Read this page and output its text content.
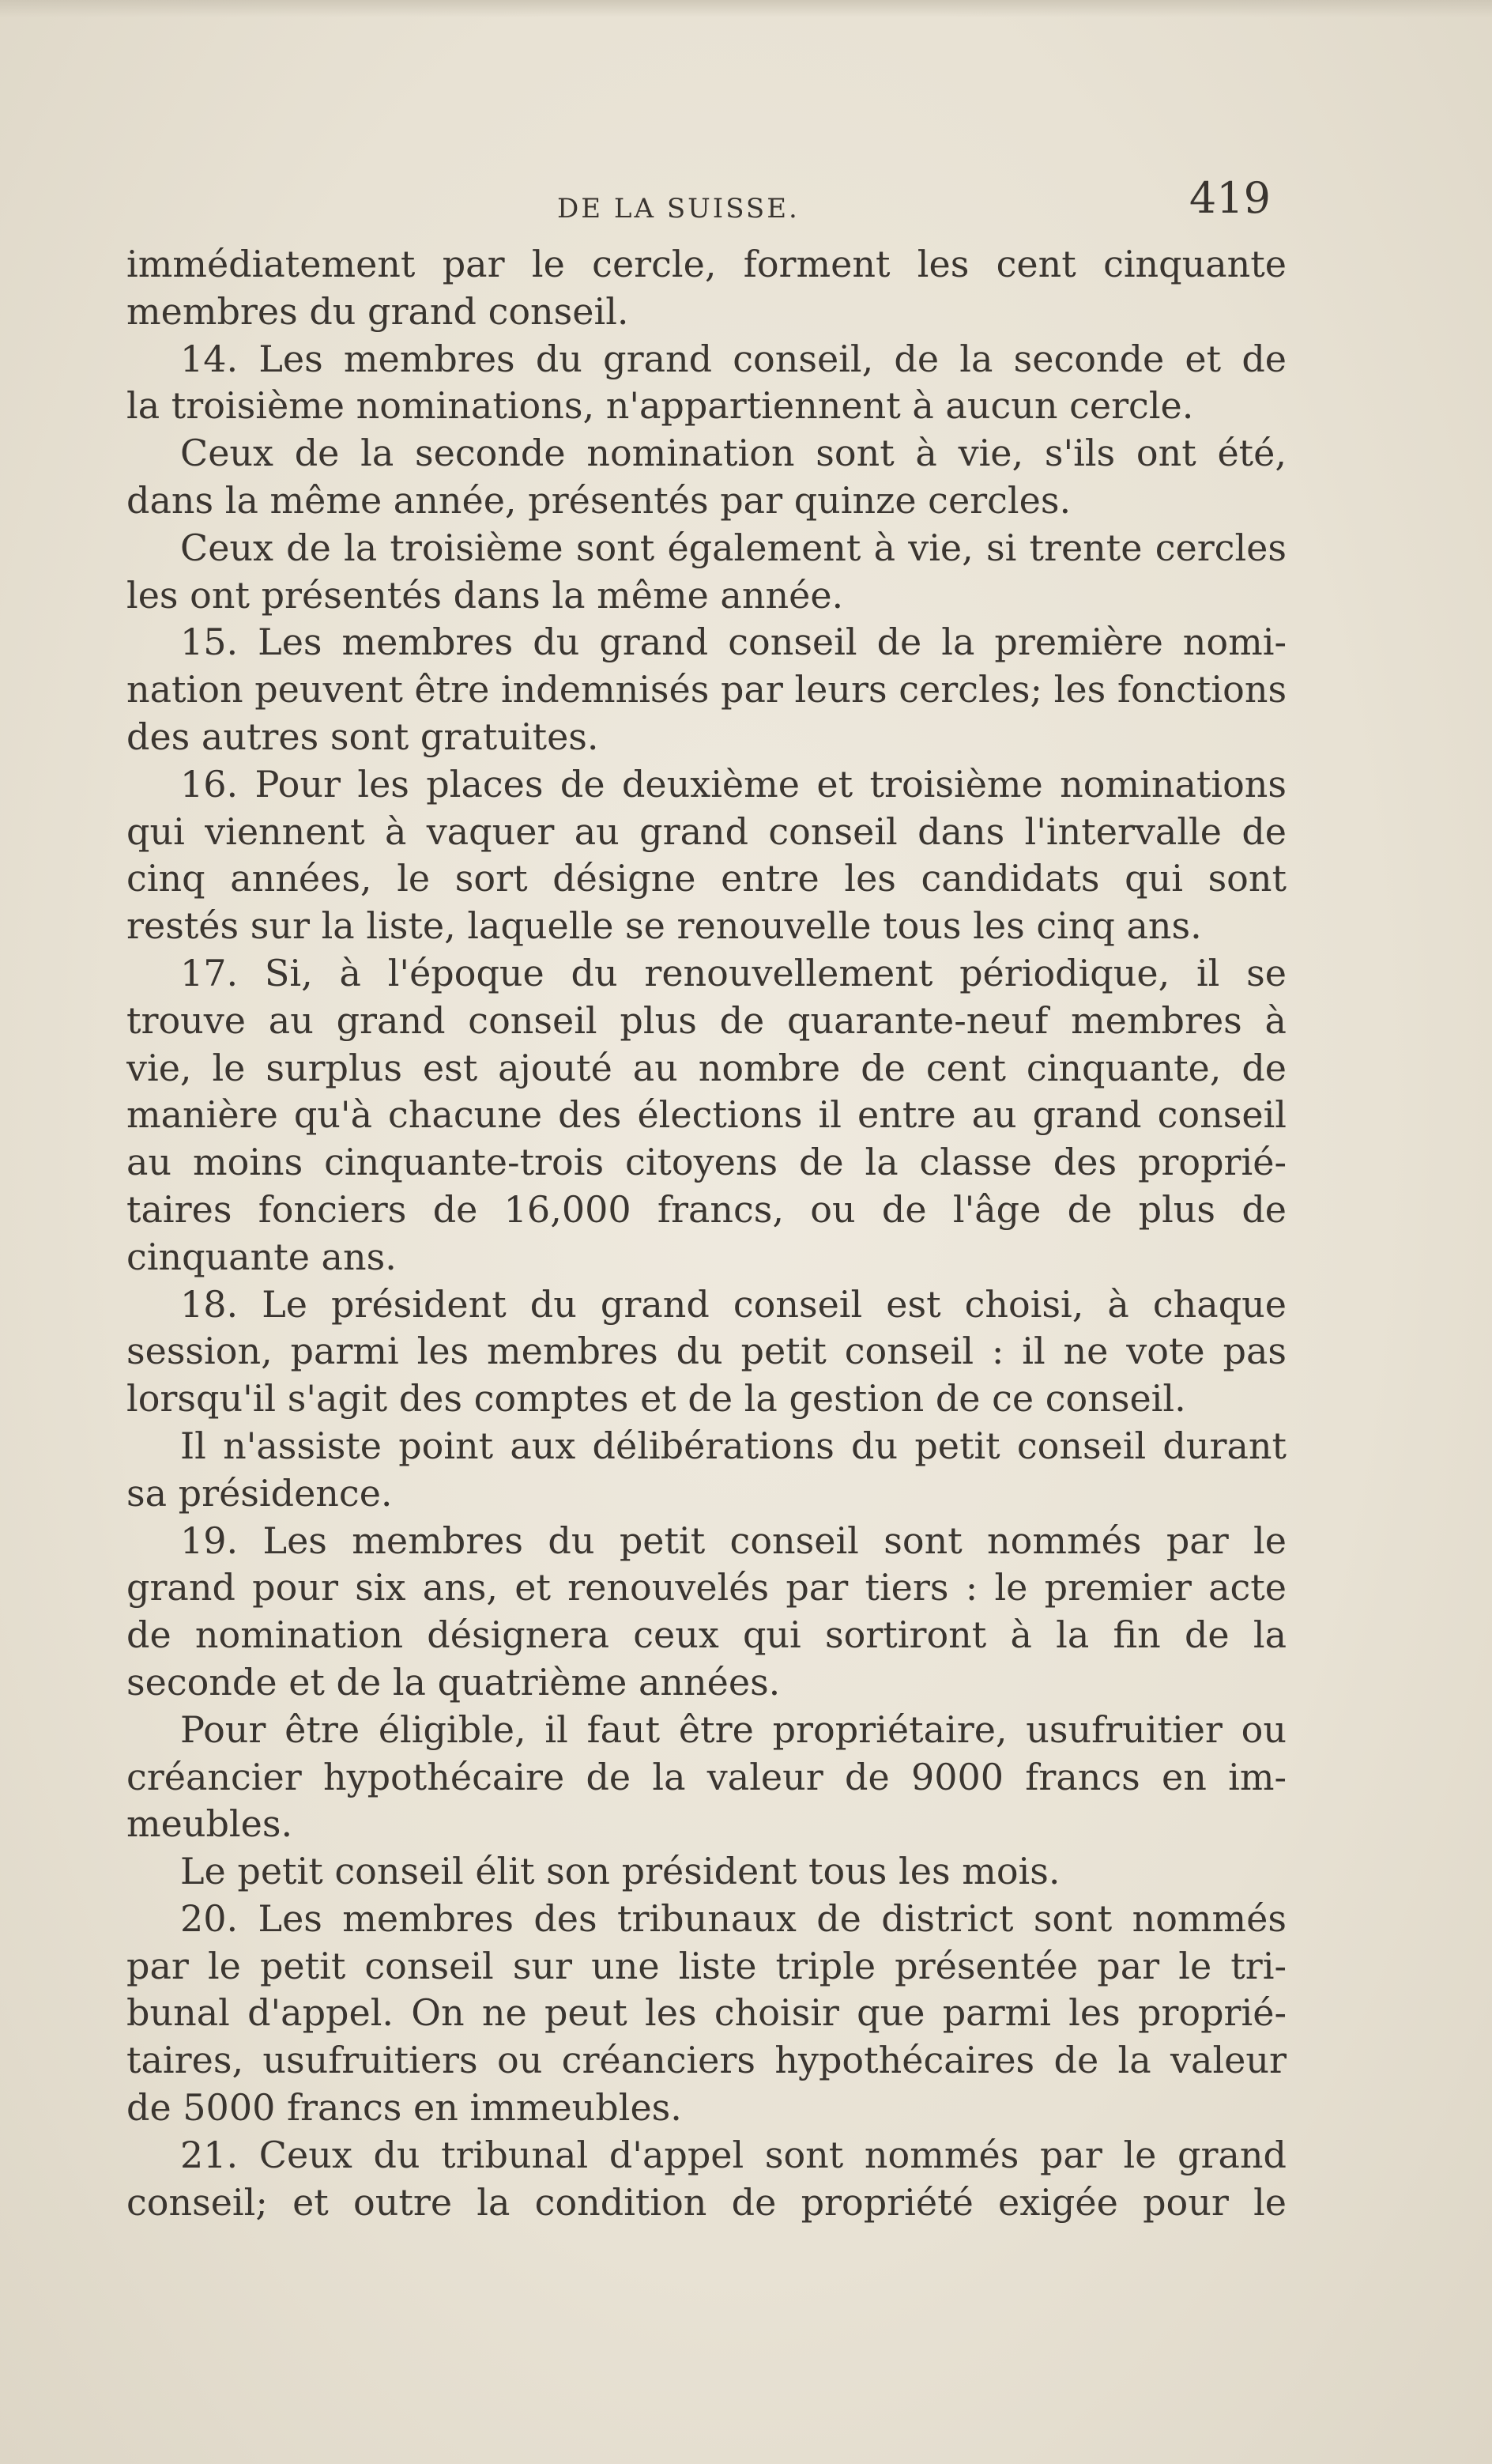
DE LA SUISSE.	419
immédiatement par le cercle, forment les cent cinquante
membres du grand conseil.
14. Les membres du grand conseil, de la seconde et de
la troisième nominations, n'appartiennent à aucun cercle.
Ceux de la seconde nomination sont à vie, s'ils ont été,
dans la même année, présentés par quinze cercles.
Ceux de la troisième sont également à vie, si trente cercles
les ont présentés dans la même année.
15. Les membres du grand conseil de la première nomi-
nation peuvent être indemnisés par leurs cercles; les fonctions
des autres sont gratuites.
16. Pour les places de deuxième et troisième nominations
qui viennent à vaquer au grand conseil dans l'intervalle de
cinq années, le sort désigne entre les candidats qui sont
restés sur la liste, laquelle se renouvelle tous les cinq ans.
17. Si, à l'époque du renouvellement périodique, il se
trouve au grand conseil plus de quarante-neuf membres à
vie, le surplus est ajouté au nombre de cent cinquante, de
manière qu'à chacune des élections il entre au grand conseil
au moins cinquante-trois citoyens de la classe des proprié-
taires fonciers de 16,000 francs, ou de l'âge de plus de
cinquante ans.
18. Le président du grand conseil est choisi, à chaque
session, parmi les membres du petit conseil : il ne vote pas
lorsqu'il s'agit des comptes et de la gestion de ce conseil.
Il n'assiste point aux délibérations du petit conseil durant
sa présidence.
19. Les membres du petit conseil sont nommés par le
grand pour six ans, et renouvelés par tiers : le premier acte
de nomination désignera ceux qui sortiront à la fin de la
seconde et de la quatrième années.
Pour être éligible, il faut être propriétaire, usufruitier ou
créancier hypothécaire de la valeur de 9000 francs en im-
meubles.
Le petit conseil élit son président tous les mois.
20. Les membres des tribunaux de district sont nommés
par le petit conseil sur une liste triple présentée par le tri-
bunal d'appel. On ne peut les choisir que parmi les proprié-
taires, usufruitiers ou créanciers hypothécaires de la valeur
de 5000 francs en immeubles.
21. Ceux du tribunal d'appel sont nommés par le grand
conseil; et outre la condition de propriété exigée pour le
